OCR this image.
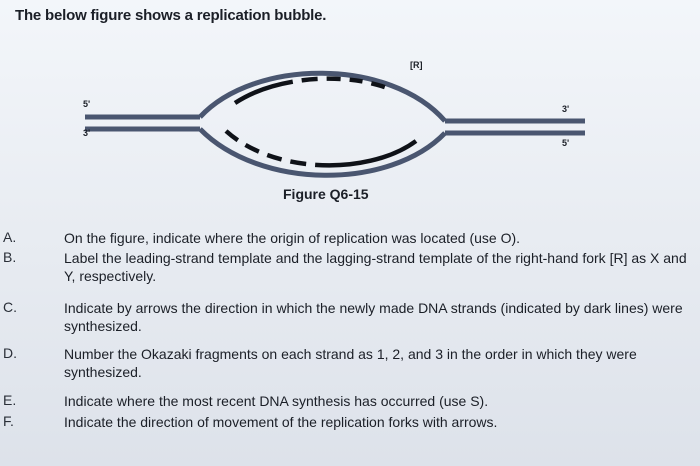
The below figure shows a replication bubble.
5'
3'
[R]
3'
5'
Figure Q6-15
A.	On the figure, indicate where the origin of replication was located (use O).
B.	Label the leading-strand template and the lagging-strand template of the right-hand fork [R] as X and Y, respectively.
C.	Indicate by arrows the direction in which the newly made DNA strands (indicated by dark lines) were synthesized.
D.	Number the Okazaki fragments on each strand as 1, 2, and 3 in the order in which they were synthesized.
E.	Indicate where the most recent DNA synthesis has occurred (use S).
F.	Indicate the direction of movement of the replication forks with arrows.
